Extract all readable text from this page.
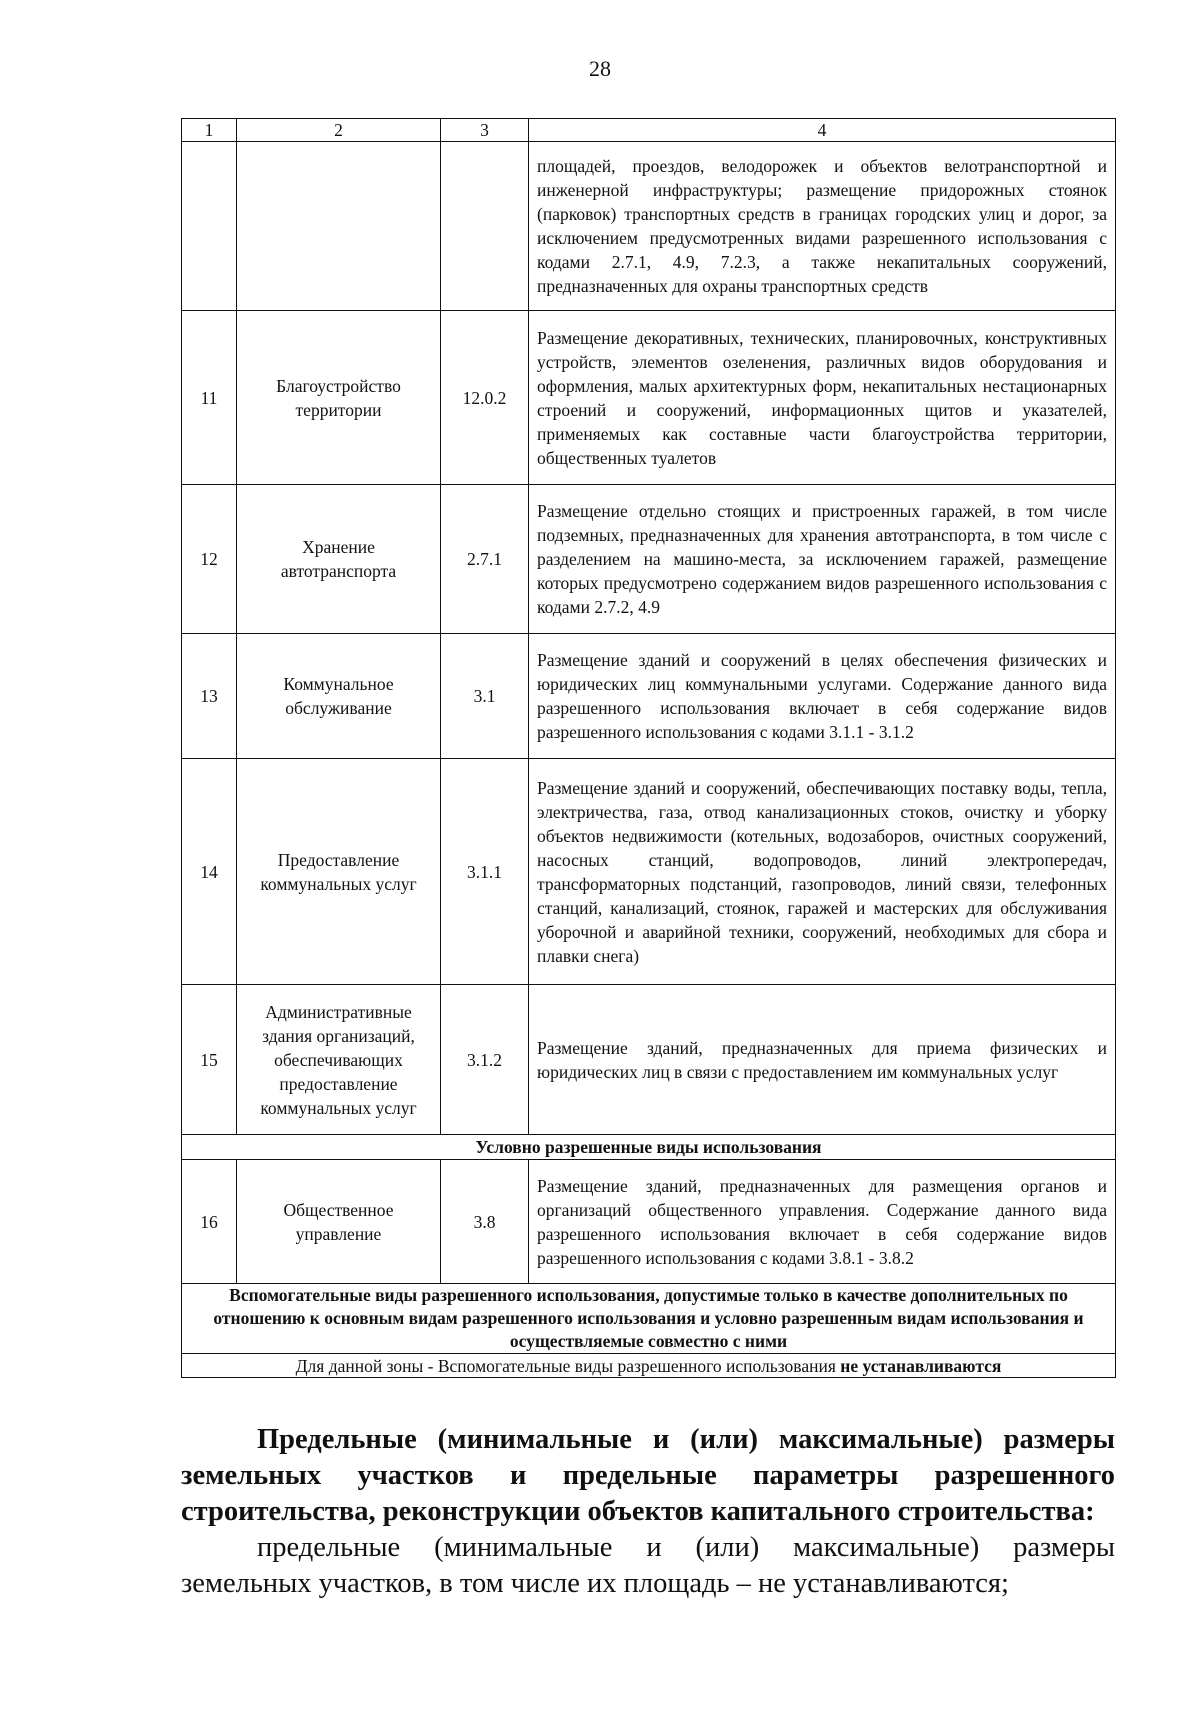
28
1	2	3	4
			площадей, проездов, велодорожек и объектов велотранспортной и инженерной инфраструктуры; размещение придорожных стоянок (парковок) транспортных средств в границах городских улиц и дорог, за исключением предусмотренных видами разрешенного использования с кодами 2.7.1, 4.9, 7.2.3, а также некапитальных сооружений, предназначенных для охраны транспортных средств
11	Благоустройство территории	12.0.2	Размещение декоративных, технических, планировочных, конструктивных устройств, элементов озеленения, различных видов оборудования и оформления, малых архитектурных форм, некапитальных нестационарных строений и сооружений, информационных щитов и указателей, применяемых как составные части благоустройства территории, общественных туалетов
12	Хранение автотранспорта	2.7.1	Размещение отдельно стоящих и пристроенных гаражей, в том числе подземных, предназначенных для хранения автотранспорта, в том числе с разделением на машино-места, за исключением гаражей, размещение которых предусмотрено содержанием видов разрешенного использования с кодами 2.7.2, 4.9
13	Коммунальное обслуживание	3.1	Размещение зданий и сооружений в целях обеспечения физических и юридических лиц коммунальными услугами. Содержание данного вида разрешенного использования включает в себя содержание видов разрешенного использования с кодами 3.1.1 - 3.1.2
14	Предоставление коммунальных услуг	3.1.1	Размещение зданий и сооружений, обеспечивающих поставку воды, тепла, электричества, газа, отвод канализационных стоков, очистку и уборку объектов недвижимости (котельных, водозаборов, очистных сооружений, насосных станций, водопроводов, линий электропередач, трансформаторных подстанций, газопроводов, линий связи, телефонных станций, канализаций, стоянок, гаражей и мастерских для обслуживания уборочной и аварийной техники, сооружений, необходимых для сбора и плавки снега)
15	Административные здания организаций, обеспечивающих предоставление коммунальных услуг	3.1.2	Размещение зданий, предназначенных для приема физических и юридических лиц в связи с предоставлением им коммунальных услуг
Условно разрешенные виды использования			
16	Общественное управление	3.8	Размещение зданий, предназначенных для размещения органов и организаций общественного управления. Содержание данного вида разрешенного использования включает в себя содержание видов разрешенного использования с кодами 3.8.1 - 3.8.2
Вспомогательные виды разрешенного использования, допустимые только в качестве дополнительных по отношению к основным видам разрешенного использования и условно разрешенным видам использования и осуществляемые совместно с ними			
Для данной зоны - Вспомогательные виды разрешенного использования не устанавливаются			

Предельные (минимальные и (или) максимальные) размеры земельных участков и предельные параметры разрешенного строительства, реконструкции объектов капитального строительства:

предельные (минимальные и (или) максимальные) размеры земельных участков, в том числе их площадь – не устанавливаются;
